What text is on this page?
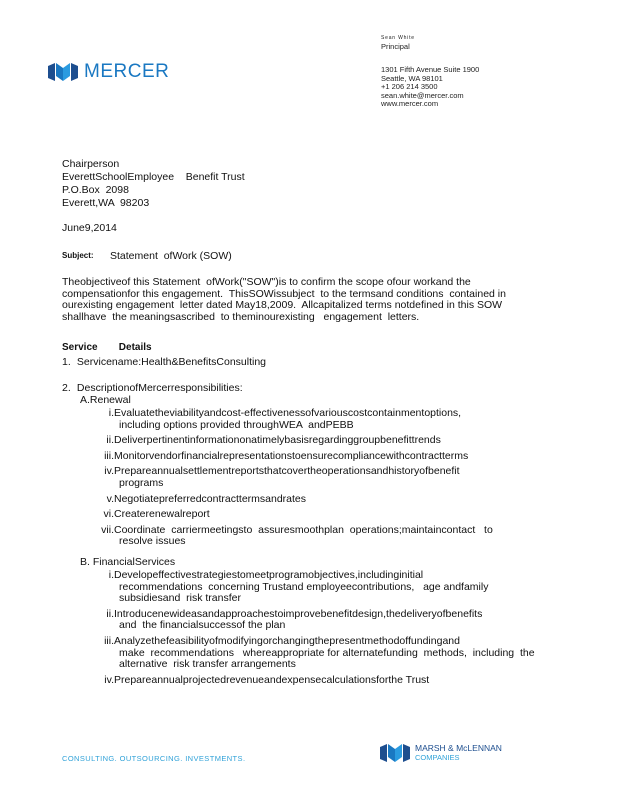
MERCER
Sean White
Principal
1301 Fifth Avenue Suite 1900
Seattle, WA 98101
+1 206 214 3500
sean.white@mercer.com
www.mercer.com
Chairperson
EverettSchoolEmployee    Benefit Trust
P.O.Box  2098
Everett,WA  98203
June9,2014
Subject:	Statement  ofWork (SOW)
Theobjectiveof this Statement  ofWork("SOW")is to confirm the scope ofour workand the
compensationfor this engagement.  ThisSOWissubject  to the termsand conditions  contained in
ourexisting engagement  letter dated May18,2009.  Allcapitalized terms notdefined in this SOW
shallhave  the meaningsascribed  to theminourexisting   engagement  letters.
Service Details
1. Servicename:Health&BenefitsConsulting
2. DescriptionofMercerresponsibilities:
A.Renewal
i. Evaluatetheviabilityandcost-effectivenessofvariouscostcontainmentoptions,
including options provided throughWEA  andPEBB
ii. Deliverpertinentinformationonatimelybasisregardinggroupbenefittrends
iii. Monitorvendorfinancialrepresentationstoensurecompliancewithcontractterms
iv. Prepareannualsettlementreportsthatcovertheoperationsandhistoryofbenefit
programs
v. Negotiatepreferredcontracttermsandrates
vi. Createrenewalreport
vii. Coordinate  carriermeetingsto  assuresmoothplan  operations;maintaincontact   to
resolve issues
B. FinancialServices
i. Developeffectivestrategiestomeetprogramobjectives,includinginitial
recommendations  concerning Trustand employeecontributions,   age andfamily
subsidiesand  risk transfer
ii. Introducenewideasandapproachestoimprovebenefitdesign,thedeliveryofbenefits
and  the financialsuccessof the plan
iii. Analyzethefeasibilityofmodifyingorchangingthepresentmethodoffundingand
make  recommendations   whereappropriate for alternatefunding  methods,  including  the
alternative  risk transfer arrangements
iv. Prepareannualprojectedrevenueandexpensecalculationsforthe Trust
CONSULTING. OUTSOURCING. INVESTMENTS.
MARSH & McLENNAN
COMPANIES
